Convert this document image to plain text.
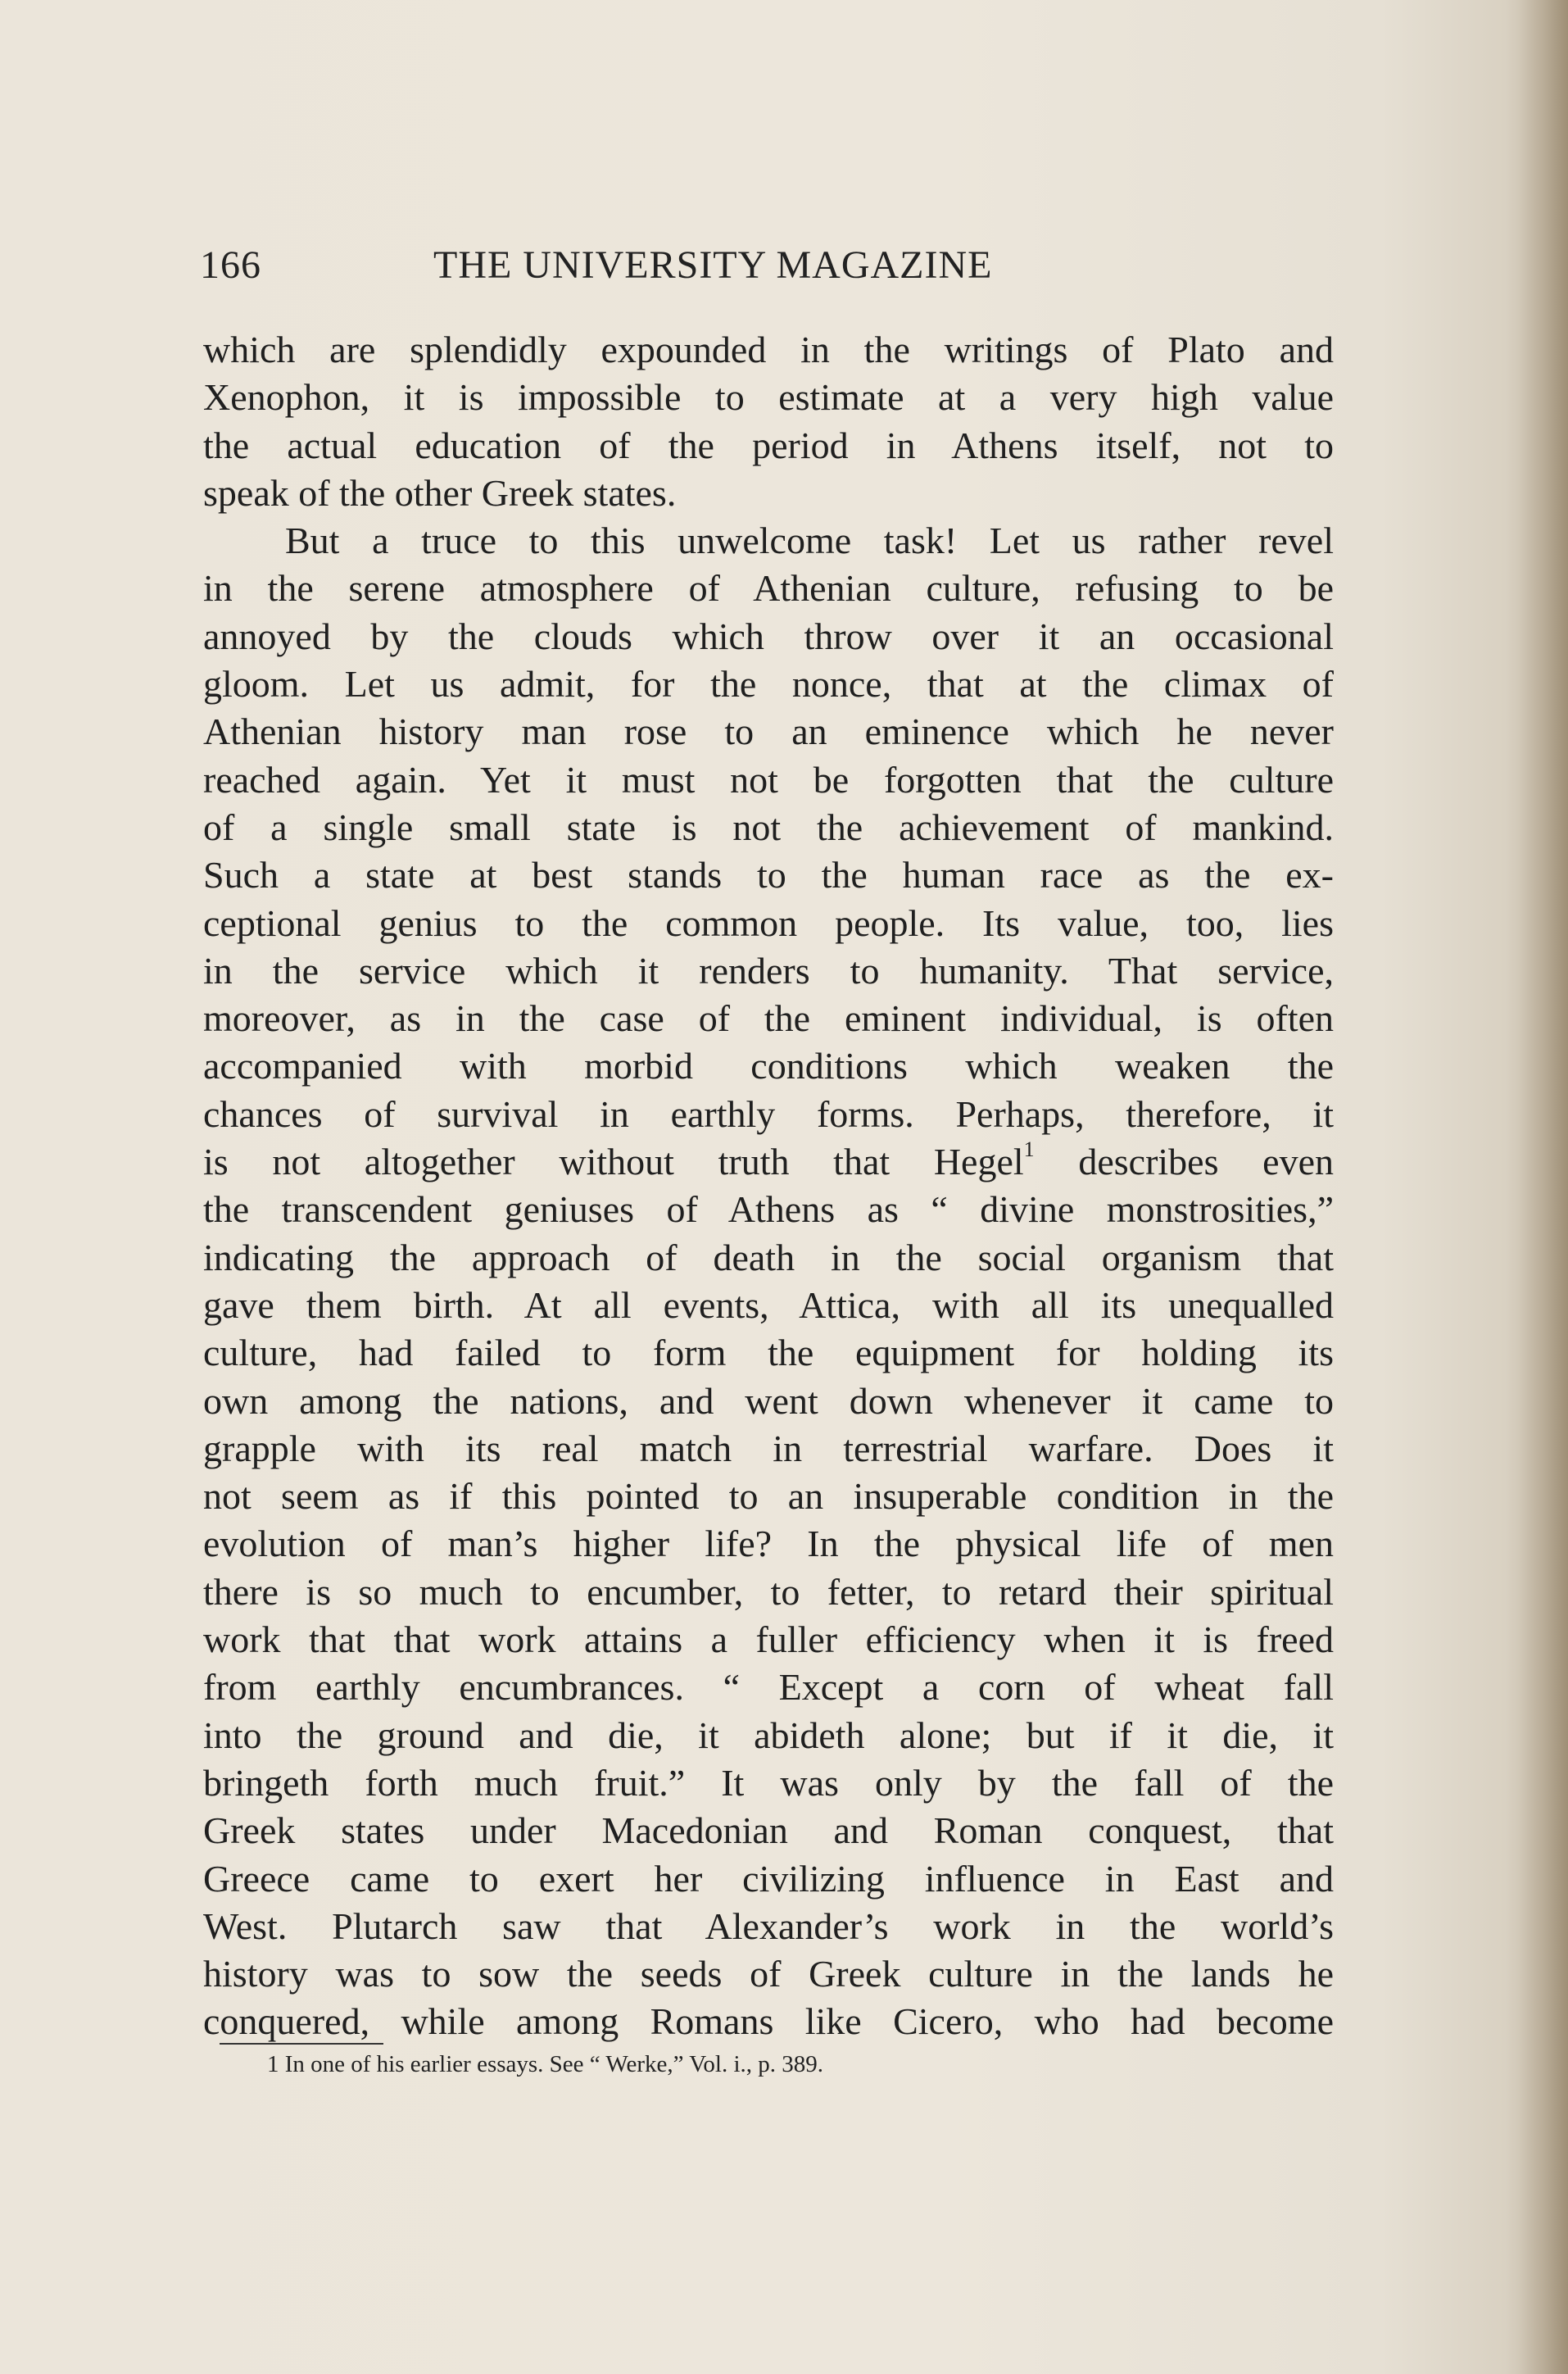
166	THE UNIVERSITY MAGAZINE
which are splendidly expounded in the writings of Plato and
Xenophon, it is impossible to estimate at a very high value
the actual education of the period in Athens itself, not to
speak of the other Greek states.
But a truce to this unwelcome task! Let us rather revel
in the serene atmosphere of Athenian culture, refusing to be
annoyed by the clouds which throw over it an occasional
gloom. Let us admit, for the nonce, that at the climax of
Athenian history man rose to an eminence which he never
reached again. Yet it must not be forgotten that the culture
of a single small state is not the achievement of mankind.
Such a state at best stands to the human race as the ex-
ceptional genius to the common people. Its value, too, lies
in the service which it renders to humanity. That service,
moreover, as in the case of the eminent individual, is often
accompanied with morbid conditions which weaken the
chances of survival in earthly forms. Perhaps, therefore, it
is not altogether without truth that Hegel$^1$ describes even
the transcendent geniuses of Athens as “ divine monstrosities,”
indicating the approach of death in the social organism that
gave them birth. At all events, Attica, with all its unequalled
culture, had failed to form the equipment for holding its
own among the nations, and went down whenever it came to
grapple with its real match in terrestrial warfare. Does it
not seem as if this pointed to an insuperable condition in the
evolution of man’s higher life? In the physical life of men
there is so much to encumber, to fetter, to retard their spiritual
work that that work attains a fuller efficiency when it is freed
from earthly encumbrances. “ Except a corn of wheat fall
into the ground and die, it abideth alone; but if it die, it
bringeth forth much fruit.” It was only by the fall of the
Greek states under Macedonian and Roman conquest, that
Greece came to exert her civilizing influence in East and
West. Plutarch saw that Alexander’s work in the world’s
history was to sow the seeds of Greek culture in the lands he
conquered, while among Romans like Cicero, who had become
1 In one of his earlier essays. See “ Werke,” Vol. i., p. 389.
